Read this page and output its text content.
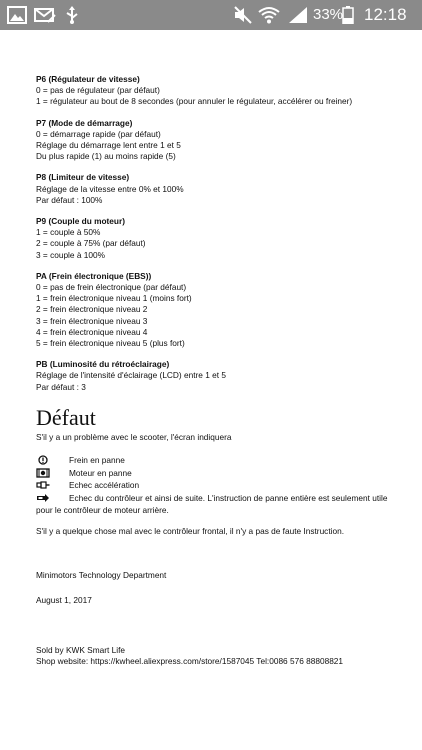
33% 12:18
P6 (Régulateur de vitesse)
0 = pas de régulateur (par défaut)
1 = régulateur au bout de 8 secondes (pour annuler le régulateur, accélérer ou freiner)
P7 (Mode de démarrage)
0 = démarrage rapide (par défaut)
Réglage du démarrage lent entre 1 et 5
Du plus rapide (1) au moins rapide (5)
P8 (Limiteur de vitesse)
Réglage de la vitesse entre 0% et 100%
Par défaut : 100%
P9 (Couple du moteur)
1 = couple à 50%
2 = couple à 75% (par défaut)
3 = couple à 100%
PA (Frein électronique (EBS))
0 = pas de frein électronique (par défaut)
1 = frein électronique niveau 1 (moins fort)
2 = frein électronique niveau 2
3 = frein électronique niveau 3
4 = frein électronique niveau 4
5 = frein électronique niveau 5 (plus fort)
PB (Luminosité du rétroéclairage)
Réglage de l'intensité d'éclairage (LCD) entre 1 et 5
Par défaut : 3
Défaut
S'il y a un problème avec le scooter, l'écran indiquera
Frein en panne
Moteur en panne
Echec accélération
Echec du contrôleur et ainsi de suite. L'instruction de panne entière est seulement utile
pour le contrôleur de moteur arrière.
S'il y a quelque chose mal avec le contrôleur frontal, il n'y a pas de faute Instruction.
Minimotors Technology Department
August 1, 2017
Sold by KWK Smart Life
Shop website: https://kwheel.aliexpress.com/store/1587045 Tel:0086 576 88808821
